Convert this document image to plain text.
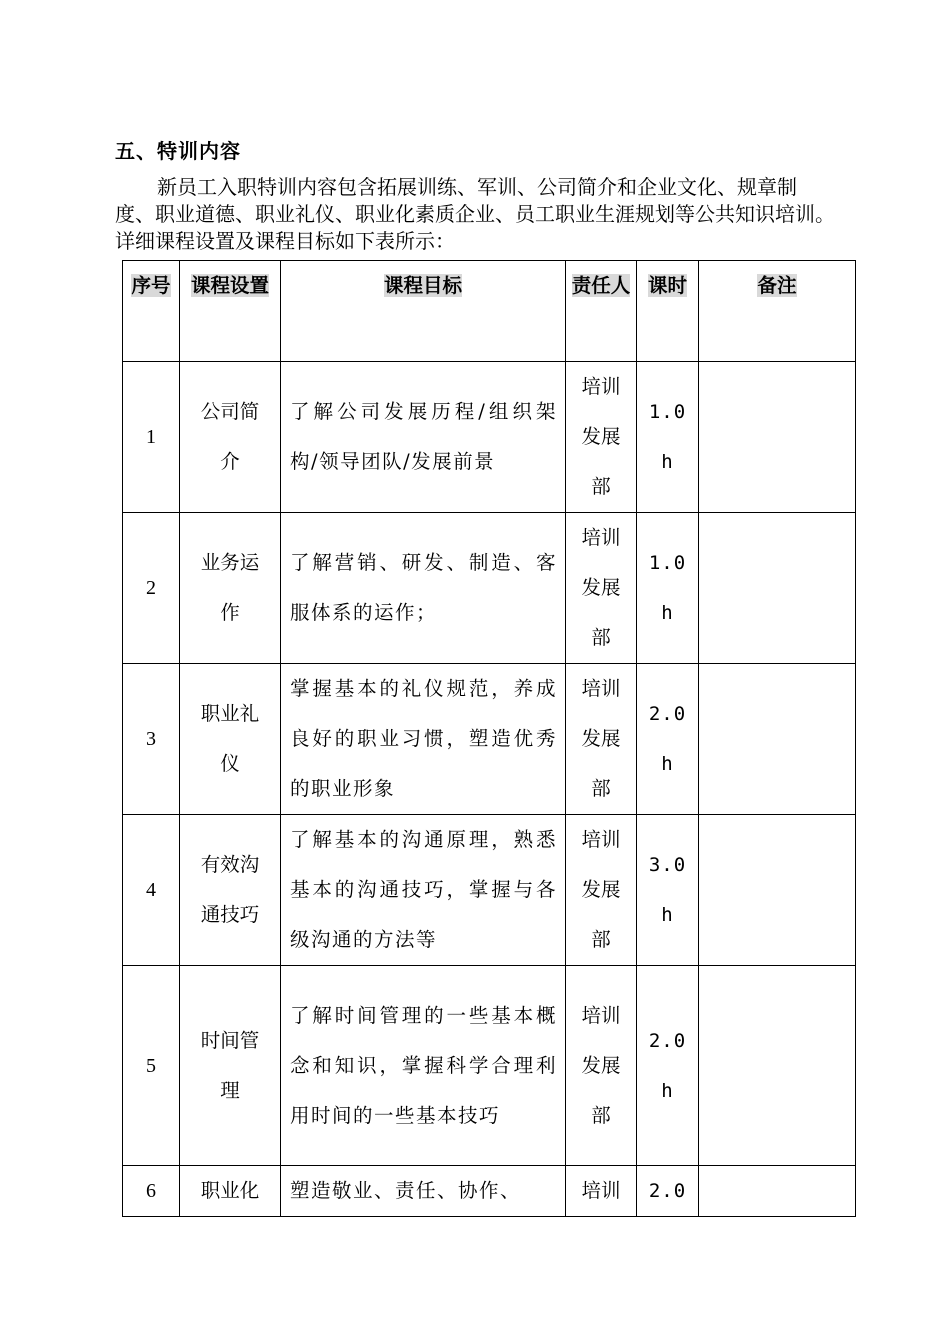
五、特训内容

新员工入职特训内容包含拓展训练、军训、公司简介和企业文化、规章制度、职业道德、职业礼仪、职业化素质企业、员工职业生涯规划等公共知识培训。详细课程设置及课程目标如下表所示：

序号	课程设置	课程目标	责任人	课时	备注
1	公司简介	了解公司发展历程/组织架构/领导团队/发展前景	培训发展部	1.0h	
2	业务运作	了解营销、研发、制造、客服体系的运作；	培训发展部	1.0h	
3	职业礼仪	掌握基本的礼仪规范，养成良好的职业习惯，塑造优秀的职业形象	培训发展部	2.0h	
4	有效沟通技巧	了解基本的沟通原理，熟悉基本的沟通技巧，掌握与各级沟通的方法等	培训发展部	3.0h	
5	时间管理	了解时间管理的一些基本概念和知识，掌握科学合理利用时间的一些基本技巧	培训发展部	2.0h	
6	职业化	塑造敬业、责任、协作、	培训	2.0	
